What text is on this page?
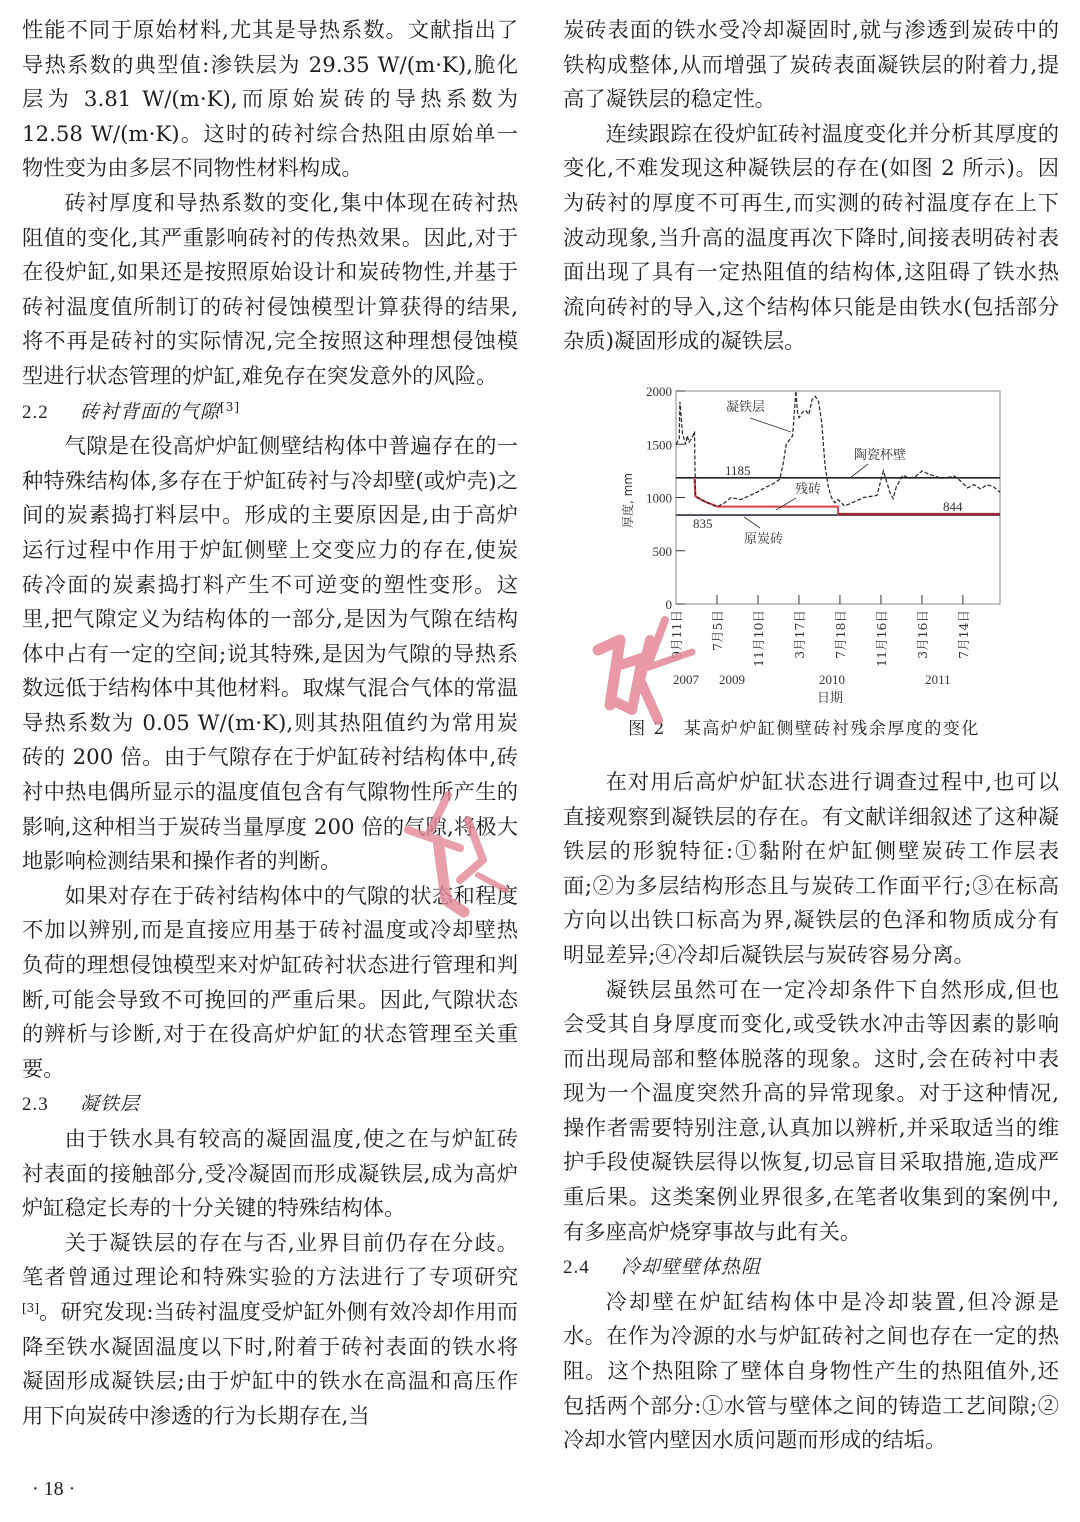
性能不同于原始材料,尤其是导热系数。文献指出了导热系数的典型值:渗铁层为 29.35 W/(m·K),脆化层为 3.81 W/(m·K),而原始炭砖的导热系数为 12.58 W/(m·K)。这时的砖衬综合热阻由原始单一物性变为由多层不同物性材料构成。

砖衬厚度和导热系数的变化,集中体现在砖衬热阻值的变化,其严重影响砖衬的传热效果。因此,对于在役炉缸,如果还是按照原始设计和炭砖物性,并基于砖衬温度值所制订的砖衬侵蚀模型计算获得的结果,将不再是砖衬的实际情况,完全按照这种理想侵蚀模型进行状态管理的炉缸,难免存在突发意外的风险。

2.2 砖衬背面的气隙[3]

气隙是在役高炉炉缸侧壁结构体中普遍存在的一种特殊结构体,多存在于炉缸砖衬与冷却壁(或炉壳)之间的炭素捣打料层中。形成的主要原因是,由于高炉运行过程中作用于炉缸侧壁上交变应力的存在,使炭砖冷面的炭素捣打料产生不可逆变的塑性变形。这里,把气隙定义为结构体的一部分,是因为气隙在结构体中占有一定的空间;说其特殊,是因为气隙的导热系数远低于结构体中其他材料。取煤气混合气体的常温导热系数为 0.05 W/(m·K),则其热阻值约为常用炭砖的 200 倍。由于气隙存在于炉缸砖衬结构体中,砖衬中热电偶所显示的温度值包含有气隙物性所产生的影响,这种相当于炭砖当量厚度 200 倍的气隙,将极大地影响检测结果和操作者的判断。

如果对存在于砖衬结构体中的气隙的状态和程度不加以辨别,而是直接应用基于砖衬温度或冷却壁热负荷的理想侵蚀模型来对炉缸砖衬状态进行管理和判断,可能会导致不可挽回的严重后果。因此,气隙状态的辨析与诊断,对于在役高炉炉缸的状态管理至关重要。

2.3 凝铁层

由于铁水具有较高的凝固温度,使之在与炉缸砖衬表面的接触部分,受冷凝固而形成凝铁层,成为高炉炉缸稳定长寿的十分关键的特殊结构体。

关于凝铁层的存在与否,业界目前仍存在分歧。笔者曾通过理论和特殊实验的方法进行了专项研究[3]。研究发现:当砖衬温度受炉缸外侧有效冷却作用而降至铁水凝固温度以下时,附着于砖衬表面的铁水将凝固形成凝铁层;由于炉缸中的铁水在高温和高压作用下向炭砖中渗透的行为长期存在,当

· 18 ·

炭砖表面的铁水受冷却凝固时,就与渗透到炭砖中的铁构成整体,从而增强了炭砖表面凝铁层的附着力,提高了凝铁层的稳定性。

连续跟踪在役炉缸砖衬温度变化并分析其厚度的变化,不难发现这种凝铁层的存在(如图 2 所示)。因为砖衬的厚度不可再生,而实测的砖衬温度存在上下波动现象,当升高的温度再次下降时,间接表明砖衬表面出现了具有一定热阻值的结构体,这阻碍了铁水热流向砖衬的导入,这个结构体只能是由铁水(包括部分杂质)凝固形成的凝铁层。

在对用后高炉炉缸状态进行调查过程中,也可以直接观察到凝铁层的存在。有文献详细叙述了这种凝铁层的形貌特征:①黏附在炉缸侧壁炭砖工作层表面;②为多层结构形态且与炭砖工作面平行;③在标高方向以出铁口标高为界,凝铁层的色泽和物质成分有明显差异;④冷却后凝铁层与炭砖容易分离。

凝铁层虽然可在一定冷却条件下自然形成,但也会受其自身厚度而变化,或受铁水冲击等因素的影响而出现局部和整体脱落的现象。这时,会在砖衬中表现为一个温度突然升高的异常现象。对于这种情况,操作者需要特别注意,认真加以辨析,并采取适当的维护手段使凝铁层得以恢复,切忌盲目采取措施,造成严重后果。这类案例业界很多,在笔者收集到的案例中,有多座高炉烧穿事故与此有关。

2.4 冷却壁壁体热阻

冷却壁在炉缸结构体中是冷却装置,但冷源是水。在作为冷源的水与炉缸砖衬之间也存在一定的热阻。这个热阻除了壁体自身物性产生的热阻值外,还包括两个部分:①水管与壁体之间的铸造工艺间隙;②冷却水管内壁因水质问题而形成的结垢。

0
500
1000
1500
2000
厚度, mm
9月11日 7月5日 11月10日 3月17日 7月18日 11月16日 3月16日 7月14日
2007 2009	2010	2011
日期
凝铁层
陶瓷杯壁
残砖
原炭砖
1185
835
844
图 2 某高炉炉缸侧壁砖衬残余厚度的变化
